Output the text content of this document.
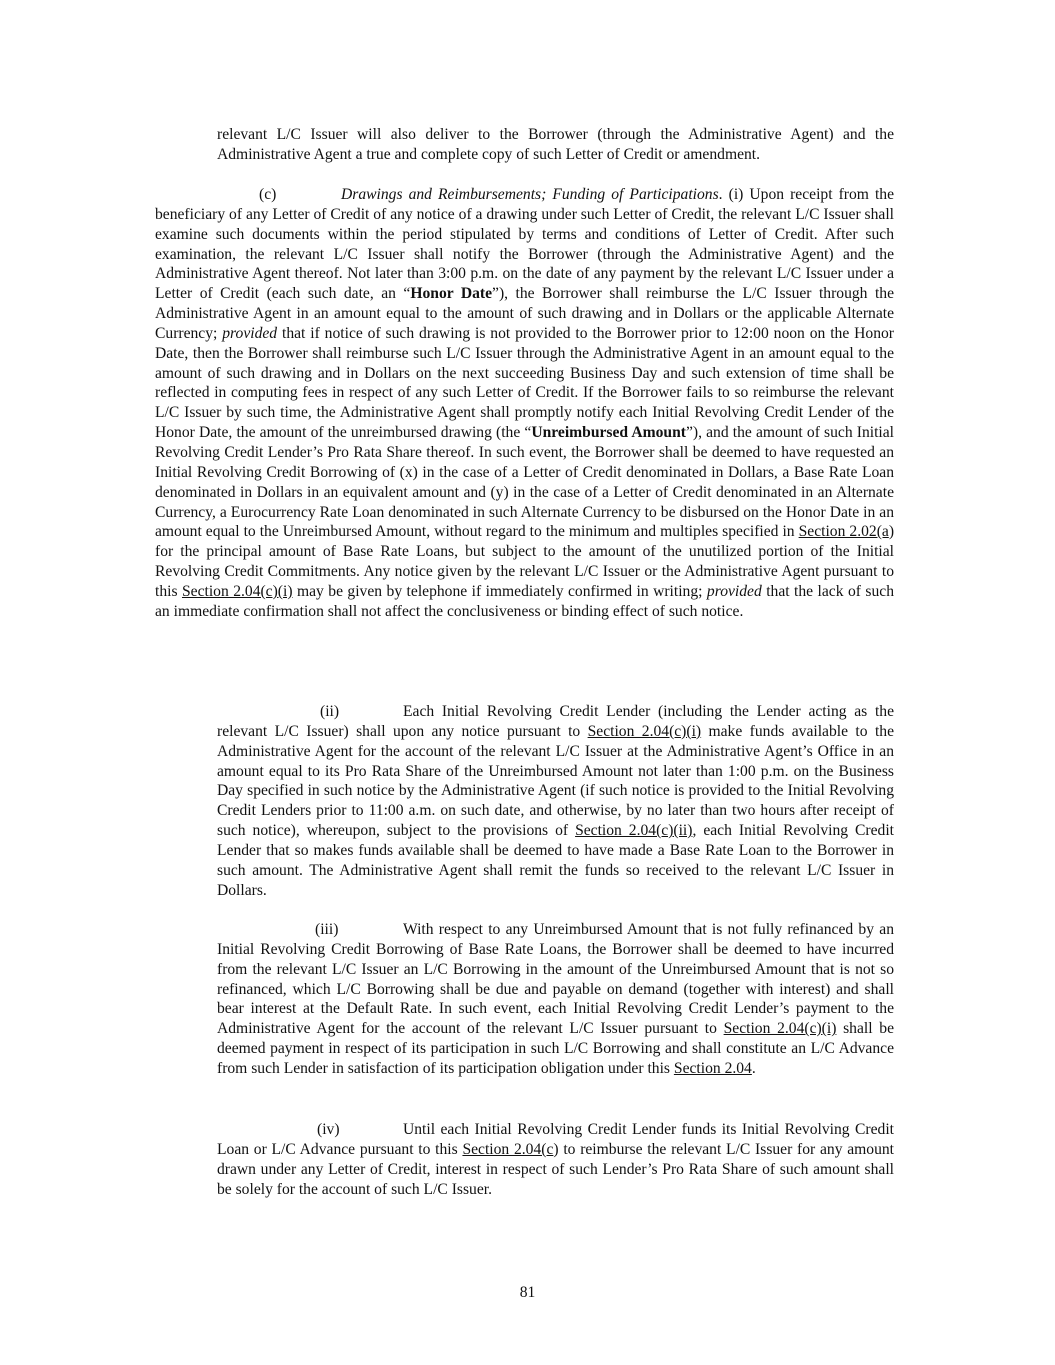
relevant L/C Issuer will also deliver to the Borrower (through the Administrative Agent) and the Administrative Agent a true and complete copy of such Letter of Credit or amendment.

(c)	Drawings and Reimbursements; Funding of Participations. (i) Upon receipt from the beneficiary of any Letter of Credit of any notice of a drawing under such Letter of Credit, the relevant L/C Issuer shall examine such documents within the period stipulated by terms and conditions of Letter of Credit. After such examination, the relevant L/C Issuer shall notify the Borrower (through the Administrative Agent) and the Administrative Agent thereof. Not later than 3:00 p.m. on the date of any payment by the relevant L/C Issuer under a Letter of Credit (each such date, an “Honor Date”), the Borrower shall reimburse the L/C Issuer through the Administrative Agent in an amount equal to the amount of such drawing and in Dollars or the applicable Alternate Currency; provided that if notice of such drawing is not provided to the Borrower prior to 12:00 noon on the Honor Date, then the Borrower shall reimburse such L/C Issuer through the Administrative Agent in an amount equal to the amount of such drawing and in Dollars on the next succeeding Business Day and such extension of time shall be reflected in computing fees in respect of any such Letter of Credit. If the Borrower fails to so reimburse the relevant L/C Issuer by such time, the Administrative Agent shall promptly notify each Initial Revolving Credit Lender of the Honor Date, the amount of the unreimbursed drawing (the “Unreimbursed Amount”), and the amount of such Initial Revolving Credit Lender’s Pro Rata Share thereof. In such event, the Borrower shall be deemed to have requested an Initial Revolving Credit Borrowing of (x) in the case of a Letter of Credit denominated in Dollars, a Base Rate Loan denominated in Dollars in an equivalent amount and (y) in the case of a Letter of Credit denominated in an Alternate Currency, a Eurocurrency Rate Loan denominated in such Alternate Currency to be disbursed on the Honor Date in an amount equal to the Unreimbursed Amount, without regard to the minimum and multiples specified in Section 2.02(a) for the principal amount of Base Rate Loans, but subject to the amount of the unutilized portion of the Initial Revolving Credit Commitments. Any notice given by the relevant L/C Issuer or the Administrative Agent pursuant to this Section 2.04(c)(i) may be given by telephone if immediately confirmed in writing; provided that the lack of such an immediate confirmation shall not affect the conclusiveness or binding effect of such notice.

(ii)	Each Initial Revolving Credit Lender (including the Lender acting as the relevant L/C Issuer) shall upon any notice pursuant to Section 2.04(c)(i) make funds available to the Administrative Agent for the account of the relevant L/C Issuer at the Administrative Agent’s Office in an amount equal to its Pro Rata Share of the Unreimbursed Amount not later than 1:00 p.m. on the Business Day specified in such notice by the Administrative Agent (if such notice is provided to the Initial Revolving Credit Lenders prior to 11:00 a.m. on such date, and otherwise, by no later than two hours after receipt of such notice), whereupon, subject to the provisions of Section 2.04(c)(ii), each Initial Revolving Credit Lender that so makes funds available shall be deemed to have made a Base Rate Loan to the Borrower in such amount. The Administrative Agent shall remit the funds so received to the relevant L/C Issuer in Dollars.

(iii)	With respect to any Unreimbursed Amount that is not fully refinanced by an Initial Revolving Credit Borrowing of Base Rate Loans, the Borrower shall be deemed to have incurred from the relevant L/C Issuer an L/C Borrowing in the amount of the Unreimbursed Amount that is not so refinanced, which L/C Borrowing shall be due and payable on demand (together with interest) and shall bear interest at the Default Rate. In such event, each Initial Revolving Credit Lender’s payment to the Administrative Agent for the account of the relevant L/C Issuer pursuant to Section 2.04(c)(i) shall be deemed payment in respect of its participation in such L/C Borrowing and shall constitute an L/C Advance from such Lender in satisfaction of its participation obligation under this Section 2.04.

(iv)	Until each Initial Revolving Credit Lender funds its Initial Revolving Credit Loan or L/C Advance pursuant to this Section 2.04(c) to reimburse the relevant L/C Issuer for any amount drawn under any Letter of Credit, interest in respect of such Lender’s Pro Rata Share of such amount shall be solely for the account of such L/C Issuer.

81
